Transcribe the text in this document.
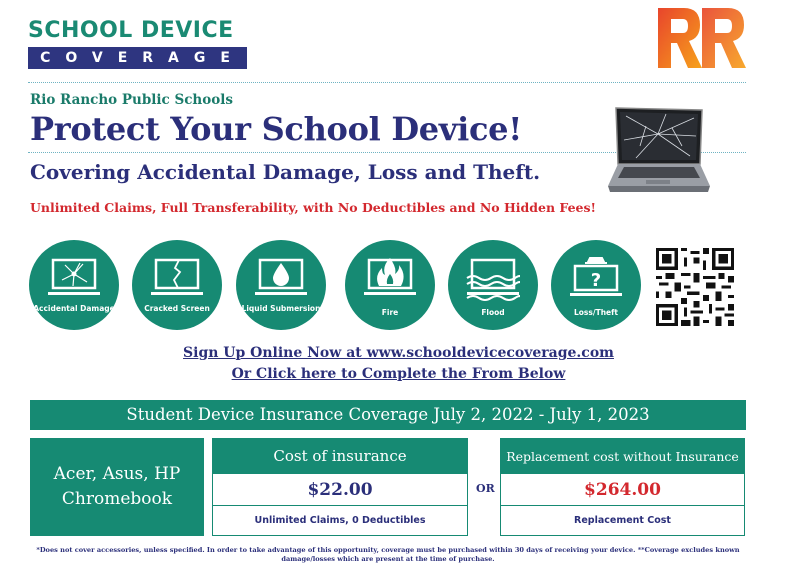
SCHOOL DEVICE
COVERAGE
Rio Rancho Public Schools
Protect Your School Device!
Covering Accidental Damage, Loss and Theft.
Unlimited Claims, Full Transferability, with No Deductibles and No Hidden Fees!
Accidental Damage	Cracked Screen	Liquid Submersion	Fire	Flood
?
Loss/Theft
Sign Up Online Now at www.schooldevicecoverage.com
Or Click here to Complete the From Below
Student Device Insurance Coverage July 2, 2022 - July 1, 2023
Acer, Asus, HP
Chromebook
Cost of insurance
$22.00
Unlimited Claims, 0 Deductibles
OR
Replacement cost without Insurance
$264.00
Replacement Cost
*Does not cover accessories, unless specified. In order to take advantage of this opportunity, coverage must be purchased within 30 days of receiving your device. **Coverage excludes known damage/losses which are present at the time of purchase.
